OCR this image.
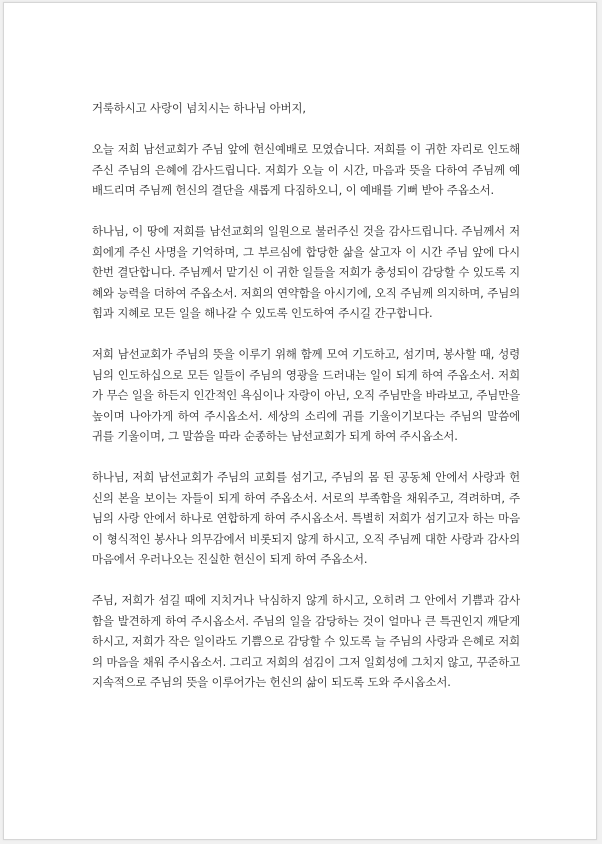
거룩하시고 사랑이 넘치시는 하나님 아버지,

오늘 저희 남선교회가 주님 앞에 헌신예배로 모였습니다. 저희를 이 귀한 자리로 인도해 주신 주님의 은혜에 감사드립니다. 저희가 오늘 이 시간, 마음과 뜻을 다하여 주님께 예배드리며 주님께 헌신의 결단을 새롭게 다짐하오니, 이 예배를 기뻐 받아 주옵소서.

하나님, 이 땅에 저희를 남선교회의 일원으로 불러주신 것을 감사드립니다. 주님께서 저희에게 주신 사명을 기억하며, 그 부르심에 합당한 삶을 살고자 이 시간 주님 앞에 다시 한번 결단합니다. 주님께서 맡기신 이 귀한 일들을 저희가 충성되이 감당할 수 있도록 지혜와 능력을 더하여 주옵소서. 저희의 연약함을 아시기에, 오직 주님께 의지하며, 주님의 힘과 지혜로 모든 일을 해나갈 수 있도록 인도하여 주시길 간구합니다.

저희 남선교회가 주님의 뜻을 이루기 위해 함께 모여 기도하고, 섬기며, 봉사할 때, 성령님의 인도하십으로 모든 일들이 주님의 영광을 드러내는 일이 되게 하여 주옵소서. 저희가 무슨 일을 하든지 인간적인 욕심이나 자랑이 아닌, 오직 주님만을 바라보고, 주님만을 높이며 나아가게 하여 주시옵소서. 세상의 소리에 귀를 기울이기보다는 주님의 말씀에 귀를 기울이며, 그 말씀을 따라 순종하는 남선교회가 되게 하여 주시옵소서.

하나님, 저희 남선교회가 주님의 교회를 섬기고, 주님의 몸 된 공동체 안에서 사랑과 헌신의 본을 보이는 자들이 되게 하여 주옵소서. 서로의 부족함을 채워주고, 격려하며, 주님의 사랑 안에서 하나로 연합하게 하여 주시옵소서. 특별히 저희가 섬기고자 하는 마음이 형식적인 봉사나 의무감에서 비롯되지 않게 하시고, 오직 주님께 대한 사랑과 감사의 마음에서 우러나오는 진실한 헌신이 되게 하여 주옵소서.

주님, 저희가 섬길 때에 지치거나 낙심하지 않게 하시고, 오히려 그 안에서 기쁨과 감사함을 발견하게 하여 주시옵소서. 주님의 일을 감당하는 것이 얼마나 큰 특권인지 깨닫게 하시고, 저희가 작은 일이라도 기쁨으로 감당할 수 있도록 늘 주님의 사랑과 은혜로 저희의 마음을 채워 주시옵소서. 그리고 저희의 섬김이 그저 일회성에 그치지 않고, 꾸준하고 지속적으로 주님의 뜻을 이루어가는 헌신의 삶이 되도록 도와 주시옵소서.
